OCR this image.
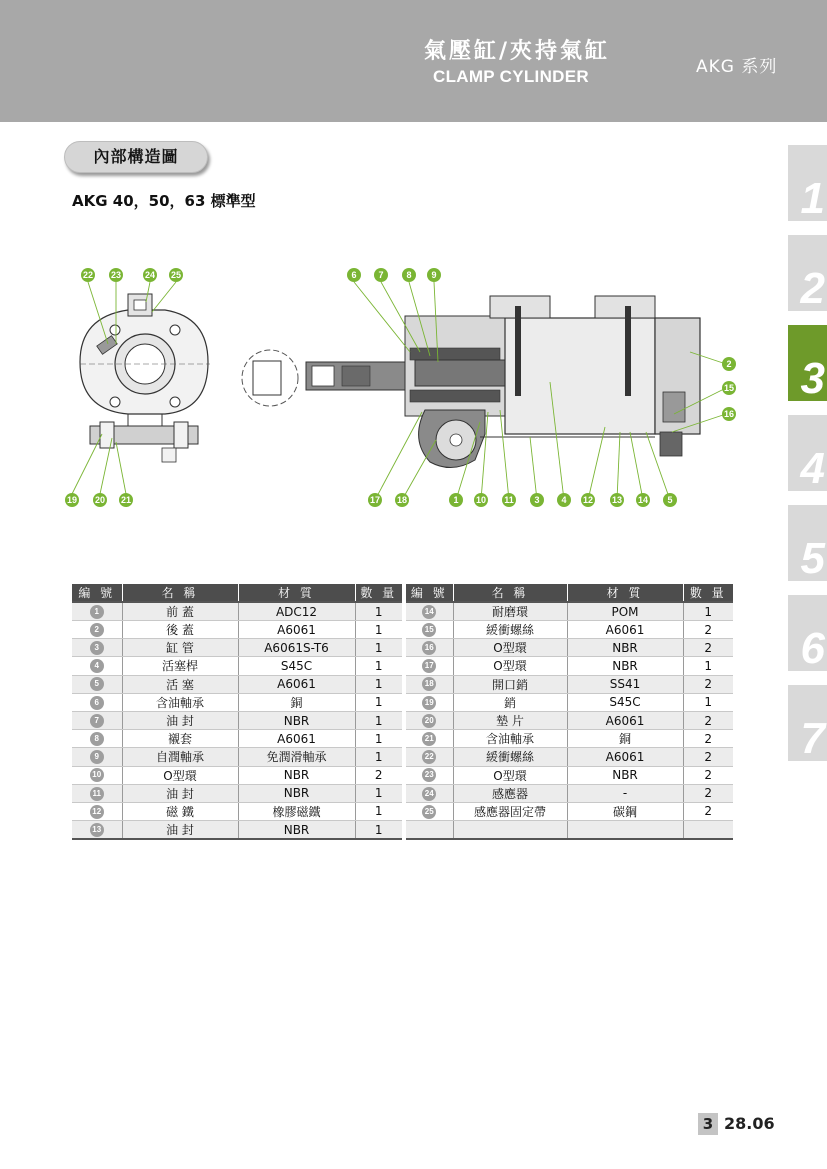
氣壓缸/夾持氣缸
CLAMP CYLINDER	AKG 系列
1
2
3
4
5
6
7
內部構造圖
AKG 40，50，63 標準型
22 23	24 25
19 20 21
6 7	8 9
2
15
16
17 18	1 10 11 3 4 12 13 14 5
編 號	名 稱	材 質	數 量
1	前 蓋	ADC12	1
2	後 蓋	A6061	1
3	缸 管	A6061S-T6	1
4	活塞桿	S45C	1
5	活 塞	A6061	1
6	含油軸承	銅	1
7	油 封	NBR	1
8	襯套	A6061	1
9	自潤軸承	免潤滑軸承	1
10	O型環	NBR	2
11	油 封	NBR	1
12	磁 鐵	橡膠磁鐵	1
13	油 封	NBR	1
編 號	名 稱	材 質	數 量
14	耐磨環	POM	1
15	緩衝螺絲	A6061	2
16	O型環	NBR	2
17	O型環	NBR	1
18	開口銷	SS41	2
19	銷	S45C	1
20	墊 片	A6061	2
21	含油軸承	銅	2
22	緩衝螺絲	A6061	2
23	O型環	NBR	2
24	感應器	-	2
25	感應器固定帶	碳鋼	2

3 28.06
